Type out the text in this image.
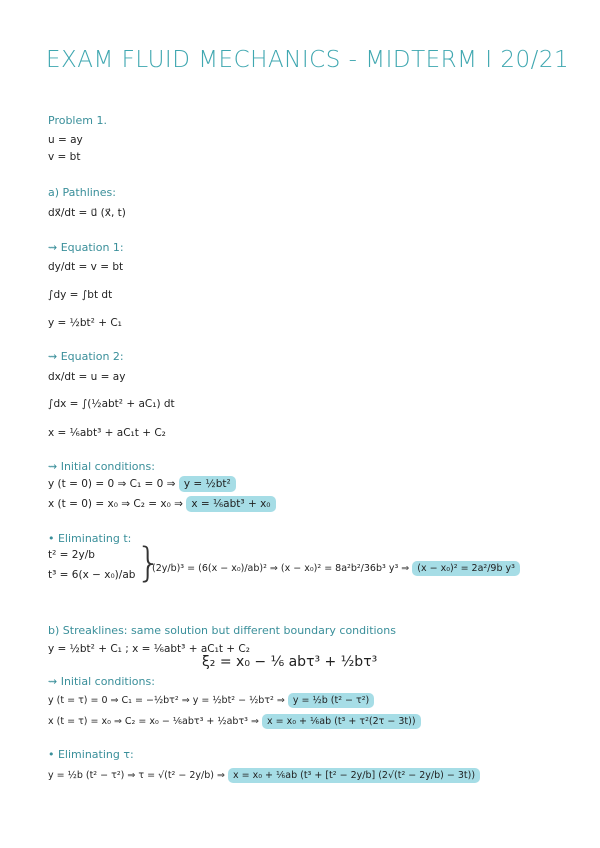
EXAM FLUID MECHANICS - MIDTERM I 20/21
Problem 1.
u = ay
v = bt
a) Pathlines:
dx⃗/dt = u⃗ (x⃗, t)
⇝ Equation 1:
dy/dt = v = bt
∫dy = ∫bt dt
y = ½bt² + C₁
⇝ Equation 2:
dx/dt = u = ay
∫dx = ∫(½abt² + aC₁) dt
x = ⅙abt³ + aC₁t + C₂
⇝ Initial conditions:
y (t = 0) = 0 ⇒ C₁ = 0 ⇒ y = ½bt²
x (t = 0) = x₀ ⇒ C₂ = x₀ ⇒ x = ⅙abt³ + x₀
• Eliminating t:
t² = 2y/b
t³ = 6(x − x₀)/ab }
(2y/b)³ = (6(x − x₀)/ab)² ⇒ (x − x₀)² = 8a²b²/36b³ y³ ⇒ (x − x₀)² = 2a²/9b y³
b) Streaklines: same solution but different boundary conditions
y = ½bt² + C₁ ; x = ⅙abt³ + aC₁t + C₂
ξ₂ = x₀ − ⅙ abτ³ + ½bτ³
⇝ Initial conditions:
y (t = τ) = 0 ⇒ C₁ = −½bτ² ⇒ y = ½bt² − ½bτ² ⇒ y = ½b (t² − τ²)
x (t = τ) = x₀ ⇒ C₂ = x₀ − ⅙abτ³ + ½abτ³ ⇒ x = x₀ + ⅙ab (t³ + τ²(2τ − 3t))
• Eliminating τ:
y = ½b (t² − τ²) ⇒ τ = √(t² − 2y/b) ⇒ x = x₀ + ⅙ab (t³ + [t² − 2y/b] (2√(t² − 2y/b) − 3t))
